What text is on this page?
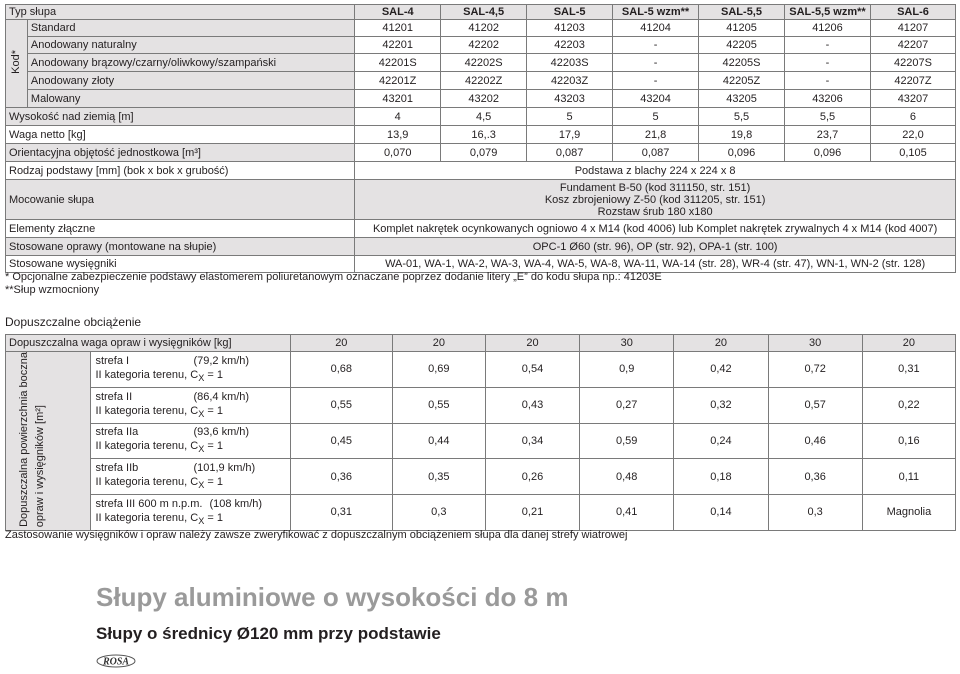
Typ słupa		SAL-4	SAL-4,5	SAL-5	SAL-5 wzm**	SAL-5,5	SAL-5,5 wzm**	SAL-6
Kod*	Standard	41201	41202	41203	41204	41205	41206	41207
	Anodowany naturalny	42201	42202	42203	-	42205	-	42207
	Anodowany brązowy/czarny/oliwkowy/szampański	42201S	42202S	42203S	-	42205S	-	42207S
	Anodowany złoty	42201Z	42202Z	42203Z	-	42205Z	-	42207Z
	Malowany	43201	43202	43203	43204	43205	43206	43207
Wysokość nad ziemią [m]		4	4,5	5	5	5,5	5,5	6
Waga netto [kg]		13,9	16,.3	17,9	21,8	19,8	23,7	22,0
Orientacyjna objętość jednostkowa [m³]		0,070	0,079	0,087	0,087	0,096	0,096	0,105
Rodzaj podstawy [mm] (bok x bok x grubość)		Podstawa z blachy 224 x 224 x 8						
Mocowanie słupa		Fundament B-50 (kod 311150, str. 151)
Kosz zbrojeniowy Z-50 (kod 311205, str. 151)
Rozstaw śrub 180 x180						

Elementy złączne		Komplet nakrętek ocynkowanych ogniowo 4 x M14 (kod 4006) lub Komplet nakrętek zrywalnych 4 x M14 (kod 4007)						
Stosowane oprawy (montowane na słupie)		OPC-1 Ø60 (str. 96), OP (str. 92), OPA-1 (str. 100)						
Stosowane wysięgniki		WA-01, WA-1, WA-2, WA-3, WA-4, WA-5, WA-8, WA-11, WA-14 (str. 28), WR-4 (str. 47), WN-1, WN-2 (str. 128)						
* Opcjonalne zabezpieczenie podstawy elastomerem poliuretanowym oznaczane poprzez dodanie litery „E” do kodu słupa np.: 41203E
**Słup wzmocniony
Dopuszczalne obciążenie
Dopuszczalna waga opraw i wysięgników [kg]			20	20	20	30	20	30	20
Dopuszczalna powierzchnia boczna opraw i wysięgników [m²]		strefa I (79,2 km/h)
II kategoria terenu, $C_X = 1$	0,68	0,69	0,54	0,9	0,42	0,72	0,31

		strefa II (86,4 km/h)
II kategoria terenu, $C_X = 1$	0,55	0,55	0,43	0,27	0,32	0,57	0,22

		strefa IIa (93,6 km/h)
II kategoria terenu, $C_X = 1$	0,45	0,44	0,34	0,59	0,24	0,46	0,16

		strefa IIb (101,9 km/h)
II kategoria terenu, $C_X = 1$	0,36	0,35	0,26	0,48	0,18	0,36	0,11

		strefa III 600 m n.p.m. (108 km/h)
II kategoria terenu, $C_X = 1$	0,31	0,3	0,21	0,41	0,14	0,3	Magnolia
Zastosowanie wysięgników i opraw należy zawsze zweryfikować z dopuszczalnym obciążeniem słupa dla danej strefy wiatrowej
Słupy aluminiowe o wysokości do 8 m
Słupy o średnicy Ø120 mm przy podstawie
ROSA
